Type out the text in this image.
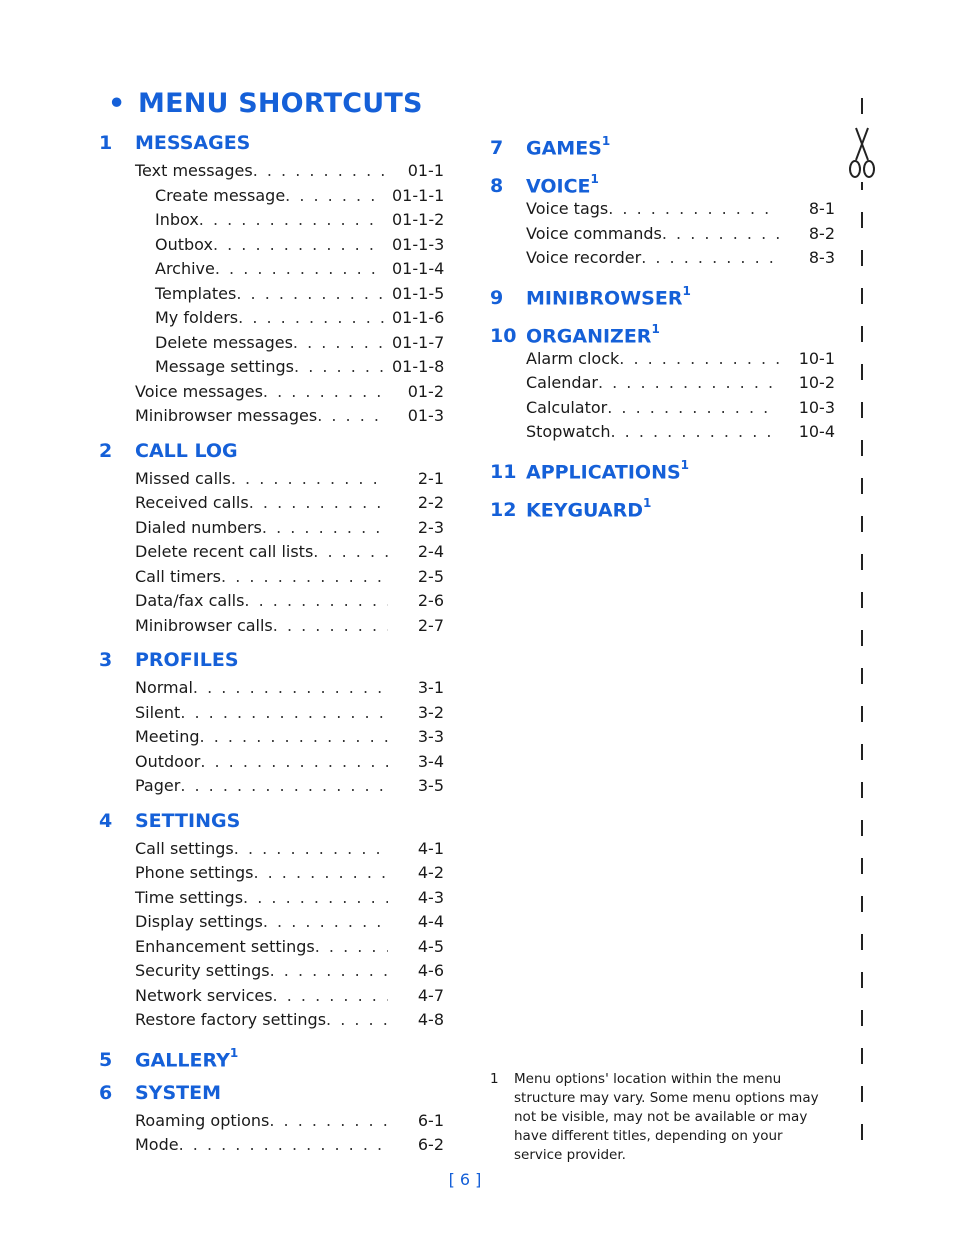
• MENU SHORTCUTS
1	MESSAGES
Text messages . . .	01-1
Create message . . .	01-1-1
Inbox . . .	01-1-2
Outbox . . .	01-1-3
Archive . . .	01-1-4
Templates . . .	01-1-5
My folders . . .	01-1-6
Delete messages . . .	01-1-7
Message settings . . .	01-1-8
Voice messages . . .	01-2
Minibrowser messages . . .	01-3
2	CALL LOG
Missed calls . . .	2-1
Received calls . . .	2-2
Dialed numbers . . .	2-3
Delete recent call lists . . .	2-4
Call timers . . .	2-5
Data/fax calls . . .	2-6
Minibrowser calls . . .	2-7
3	PROFILES
Normal . . .	3-1
Silent . . .	3-2
Meeting . . .	3-3
Outdoor . . .	3-4
Pager . . .	3-5
4	SETTINGS
Call settings . . .	4-1
Phone settings . . .	4-2
Time settings . . .	4-3
Display settings . . .	4-4
Enhancement settings . . .	4-5
Security settings . . .	4-6
Network services . . .	4-7
Restore factory settings . . .	4-8
5	GALLERY$^1$
6	SYSTEM
Roaming options . . .	6-1
Mode . . .	6-2
7	GAMES$^1$
8	VOICE$^1$
Voice tags . . .	8-1
Voice commands . . .	8-2
Voice recorder . . .	8-3
9	MINIBROWSER$^1$
10 ORGANIZER$^1$
Alarm clock . . .	10-1
Calendar . . .	10-2
Calculator . . .	10-3
Stopwatch . . .	10-4
11 APPLICATIONS$^1$
12 KEYGUARD$^1$
1	Menu options' location within the menu structure may vary. Some menu options may not be visible, may not be available or may have different titles, depending on your service provider.
[ 6 ]
